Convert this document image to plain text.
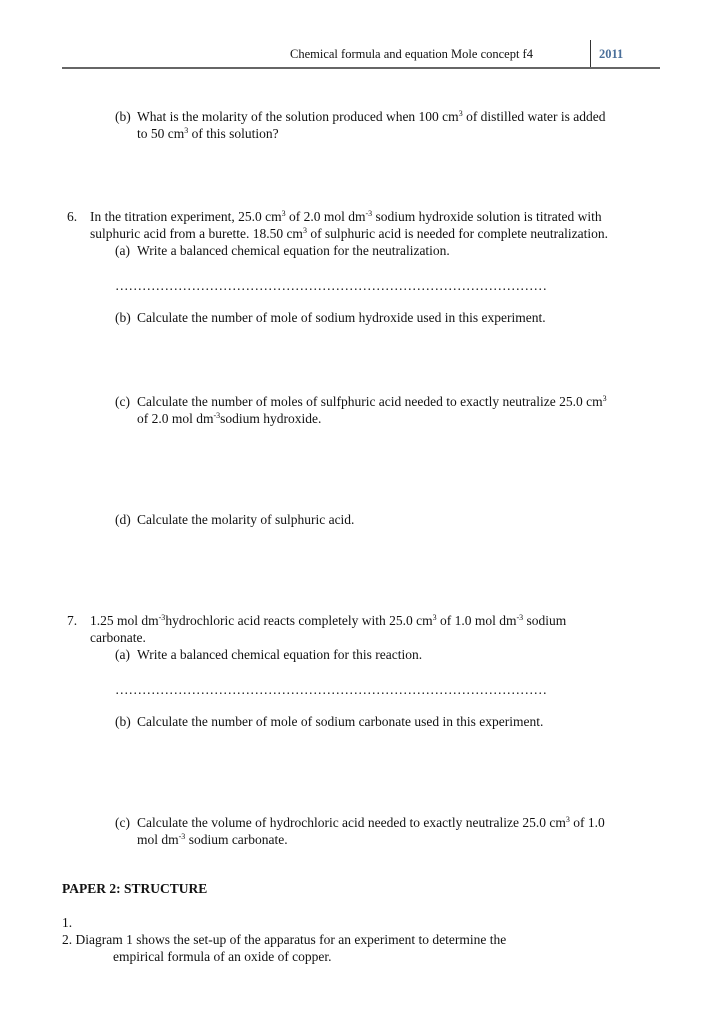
Chemical formula and equation Mole concept f4	2011
(b) What is the molarity of the solution produced when 100 $cm^3$ of distilled water is added
to 50 $cm^3$ of this solution?
6. In the titration experiment, 25.0 $cm^3$ of 2.0 mol $dm^{-3}$ sodium hydroxide solution is titrated with
sulphuric acid from a burette. 18.50 $cm^3$ of sulphuric acid is needed for complete neutralization.
(a) Write a balanced chemical equation for the neutralization.
……………………………………………………………………………………
(b) Calculate the number of mole of sodium hydroxide used in this experiment.
(c) Calculate the number of moles of sulfphuric acid needed to exactly neutralize 25.0 $cm^3$
of 2.0 mol $dm^{-3}sodium$ hydroxide.
(d) Calculate the molarity of sulphuric acid.
7. 1.25 mol $dm^{-3}hydrochloric$ acid reacts completely with 25.0 $cm^3$ of 1.0 mol $dm^{-3}$ sodium
carbonate.
(a) Write a balanced chemical equation for this reaction.
……………………………………………………………………………………
(b) Calculate the number of mole of sodium carbonate used in this experiment.
(c) Calculate the volume of hydrochloric acid needed to exactly neutralize 25.0 $cm^3$ of 1.0
mol $dm^{-3}$ sodium carbonate.
PAPER 2: STRUCTURE
1.
2. Diagram 1 shows the set-up of the apparatus for an experiment to determine the
empirical formula of an oxide of copper.
